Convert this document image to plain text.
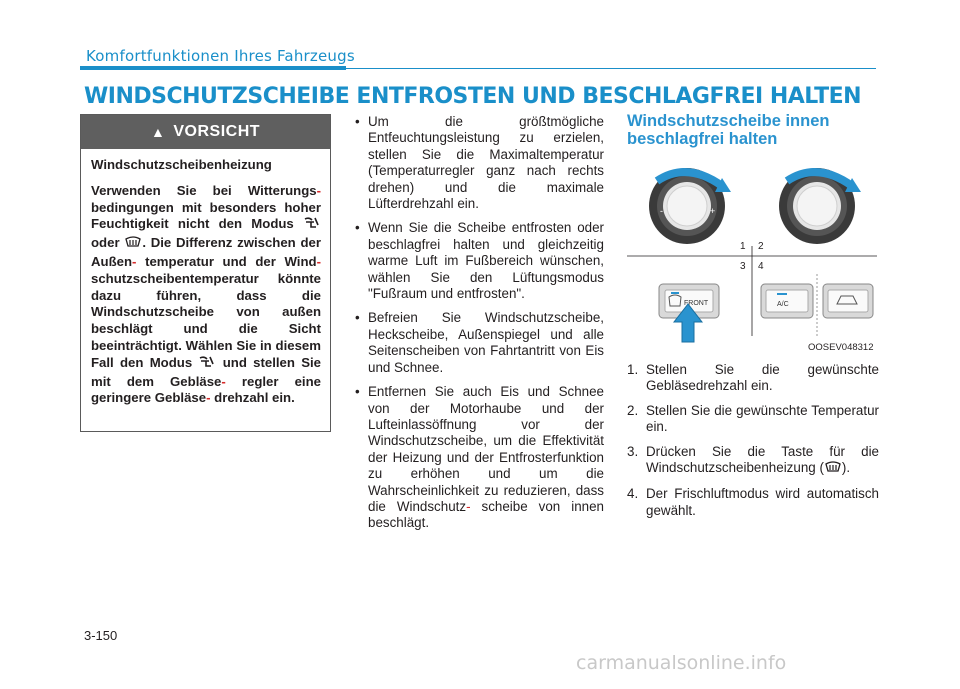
Komfortfunktionen Ihres Fahrzeugs
WINDSCHUTZSCHEIBE ENTFROSTEN UND BESCHLAGFREI HALTEN
▲ VORSICHT
Windschutzscheibenheizung
Verwenden Sie bei Witterungs- bedingungen mit besonders hoher Feuchtigkeit nicht den Modus  oder . Die Differenz zwischen der Außen- temperatur und der Wind- schutzscheibentemperatur könnte dazu führen, dass die Windschutzscheibe von außen beschlägt und die Sicht beeinträchtigt. Wählen Sie in diesem Fall den Modus und stellen Sie mit dem Gebläse- regler eine geringere Gebläse- drehzahl ein.
• Um die größtmögliche Entfeuchtungsleistung zu erzielen, stellen Sie die Maximaltemperatur (Temperaturregler ganz nach rechts drehen) und die maximale Lüfterdrehzahl ein.
• Wenn Sie die Scheibe entfrosten oder beschlagfrei halten und gleichzeitig warme Luft im Fußbereich wünschen, wählen Sie den Lüftungsmodus "Fußraum und entfrosten".
• Befreien Sie Windschutzscheibe, Heckscheibe, Außenspiegel und alle Seitenscheiben von Fahrtantritt von Eis und Schnee.
• Entfernen Sie auch Eis und Schnee von der Motorhaube und der Lufteinlassöffnung vor der Windschutzscheibe, um die Effektivität der Heizung und der Entfrosterfunktion zu erhöhen und um die Wahrscheinlichkeit zu reduzieren, dass die Windschutz- scheibe von innen beschlägt.
Windschutzscheibe innen beschlagfrei halten
-	+
1 2
3 4
FRONT	A/C
OOSEV048312
1. Stellen Sie die gewünschte Gebläsedrehzahl ein.
2. Stellen Sie die gewünschte Temperatur ein.
3. Drücken Sie die Taste für die Windschutzscheibenheizung ( ).
4. Der Frischluftmodus wird automatisch gewählt.
3-150
carmanualsonline.info
